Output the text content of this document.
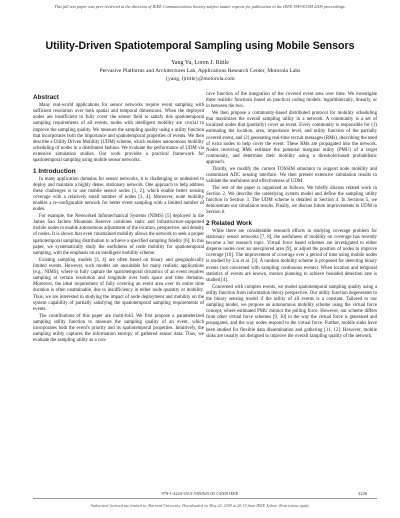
This full text paper was peer reviewed at the direction of IEEE Communications Society subject matter experts for publication in the IEEE INFOCOM 2009 proceedings.
Utility-Driven Spatiotemporal Sampling using Mobile Sensors
Yang Yu, Loren J. Rittle
Pervasive Platforms and Architectures Lab, Applications Research Center, Motorola Labs
{yang, ljrittle}@motorola.com
Abstract

Many real-world applications for sensor networks require event sampling with sufficient resolution over both spatial and temporal dimensions. When the deployed nodes are insufficient to fully cover the sensor field to satisfy this spatiotemporal sampling requirements of all events, nodes with intelligent mobility are crucial to improve the sampling quality. We measure the sampling quality using a utility function that incorporates both the importance and spatiotemporal properties of events. We then describe a Utility Driven Mobility (UDM) scheme, which enables autonomous mobility scheduling of nodes in a distributed fashion. We evaluate the performance of UDM via extensive simulation studies. Our work provides a practical framework for spatiotemporal sampling using mobile sensor networks.

1 Introduction

In many application domains for sensor networks, it is challenging or undesired to deploy and maintain a highly dense, stationary network. One approach to help address these challenges is to use mobile sensor nodes [1, 2], which enable better sensing coverage with a relatively small number of nodes [3, 4]. Moreover, node mobility enables a re-configurable network for better event sampling with a limited number of nodes.

For example, the Networked Infomechanical Systems (NIMS) [5] deployed in the James San Jacinto Mountain Reserve combines static and infrastructure-supported mobile nodes to enable autonomous adjustment of the location, perspective, and density of nodes. It is shown that even constrained mobility allows the network to seek a proper spatiotemporal sampling distribution to achieve a specified sampling fidelity [6]. In this paper, we systematically study the usefulness of node mobility for spatiotemporal sampling, with the emphasis on an intelligent mobility scheme.

Existing sampling models [3, 4] are often based on binary and geographically limited events. However, such models are unsuitable for many realistic applications (e.g., NIMS), where to fully capture the spatiotemporal dynamics of an event requires sampling at certain resolution and longitude over both space and time domains. Moreover, the ideal requirement of fully covering an event area over its entire time duration is often unattainable, due to insufficiency in either node quantity or mobility. Thus, we are interested in studying the impact of node deployment and mobility on the system capability of partially satisfying the spatiotemporal sampling requirements of events.

The contributions of this paper are multi-fold. We first propose a parameterized sampling utility function to measure the sampling quality of an event, which incorporates both the event's priority and its spatiotemporal properties. Intuitively, the sampling utility captures the information entropy of gathered sensor data. Thus, we evaluate the sampling utility as a con-

cave function of the integration of the covered event area over time. We investigate three realistic functions based on practical coding models: logarithmically, linearly, or in between the two.

We then propose a community-based distributed protocol for mobility scheduling that maximizes the overall sampling utility in a network. A community is a set of localized nodes that (partially) cover an event. Every community is responsible for (1) estimating the location, area, importance level, and utility function of the partially covered event, and (2) generating real-time recruit messages (RMs), describing the need of extra nodes to help cover the event. These RMs are propagated into the network. Nodes receiving RMs estimate the potential marginal utility (PMU) of a target community, and determine their mobility using a threshold-based probabilistic approach.

Thirdly, we modify the current TOSSIM simulator to support node mobility and customized ADC sensing interface. We then present extensive simulation results to validate the usefulness and effectiveness of UDM.

The rest of the paper is organized as follows. We briefly discuss related work in Section 2. We describe the underlying system model and define the sampling utility function in Section 3. The UDM scheme is detailed in Section 4. In Sections 5, we demonstrate our simulation results. Finally, we discuss future improvements to UDM in Section 6.

2 Related Work

While there are considerable research efforts in studying coverage problem for stationary sensor networks [7, 8], the usefulness of mobility on coverage has recently become a hot research topic. Virtual force based schemes are investigated to either disperse nodes over an unexplored area [9], or adjust the position of nodes to improve coverage [10]. The improvement of coverage over a period of time using mobile nodes is studied by Liu et al. [3]. A random mobility scheme is proposed for detecting binary events (not concerned with sampling continuous events). When location and temporal statistics of events are known, motion planning to achieve bounded detection rate is studied [4].

Concerned with complex events, we model spatiotemporal sampling quality using a utility function from information theory perspective. Our utility function degenerates to the binary sensing model if the utility of all events is a constant. Tailored to our sampling model, we propose an autonomous mobility scheme using the virtual force concept, where estimated PMU mimics the pulling force. However, our scheme differs from other virtual force schemes [9, 10] in the way the virtual force is generated and propagated, and the way nodes respond to the virtual force. Further, mobile sinks have been studied for flexible data dissemination and gathering [11, 12]. However, mobile sinks are usually not designed to improve the overall sampling quality of the network.

978-1-4244-3513-5/09/$25.00 ©2009 IEEE	2226
Authorized licensed use limited to: Harvard University. Downloaded on May 22, 2009 at 20:19 from IEEE Xplore. Restrictions apply.
